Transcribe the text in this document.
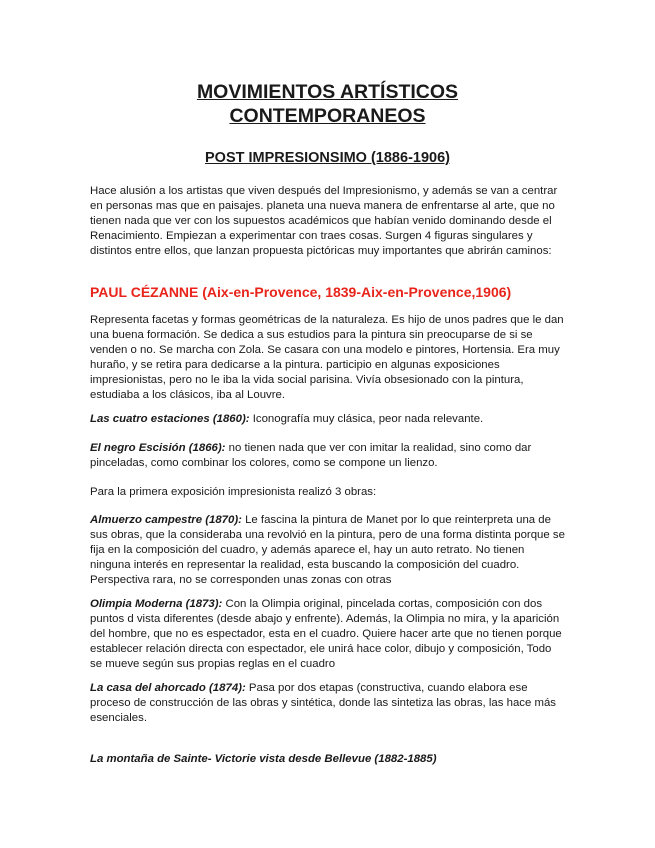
MOVIMIENTOS ARTÍSTICOS
CONTEMPORANEOS
POST IMPRESIONSIMO (1886-1906)

Hace alusión a los artistas que viven después del Impresionismo, y además se van a centrar en personas mas que en paisajes. planeta una nueva manera de enfrentarse al arte, que no tienen nada que ver con los supuestos académicos que habían venido dominando desde el Renacimiento. Empiezan a experimentar con traes cosas. Surgen 4 figuras singulares y distintos entre ellos, que lanzan propuesta pictóricas muy importantes que abrirán caminos:

PAUL CÉZANNE (Aix-en-Provence, 1839-Aix-en-Provence,1906)

Representa facetas y formas geométricas de la naturaleza. Es hijo de unos padres que le dan una buena formación. Se dedica a sus estudios para la pintura sin preocuparse de si se venden o no. Se marcha con Zola. Se casara con una modelo e pintores, Hortensia. Era muy huraño, y se retira para dedicarse a la pintura. participio en algunas exposiciones impresionistas, pero no le iba la vida social parisina. Vivía obsesionado con la pintura, estudiaba a los clásicos, iba al Louvre.

Las cuatro estaciones (1860): Iconografía muy clásica, peor nada relevante.

El negro Escisión (1866): no tienen nada que ver con imitar la realidad, sino como dar pinceladas, como combinar los colores, como se compone un lienzo.

Para la primera exposición impresionista realizó 3 obras:

Almuerzo campestre (1870): Le fascina la pintura de Manet por lo que reinterpreta una de sus obras, que la consideraba una revolvió en la pintura, pero de una forma distinta porque se fija en la composición del cuadro, y además aparece el, hay un auto retrato. No tienen ninguna interés en representar la realidad, esta buscando la composición del cuadro. Perspectiva rara, no se corresponden unas zonas con otras

Olimpia Moderna (1873): Con la Olimpia original, pincelada cortas, composición con dos puntos d vista diferentes (desde abajo y enfrente). Además, la Olimpia no mira, y la aparición del hombre, que no es espectador, esta en el cuadro. Quiere hacer arte que no tienen porque establecer relación directa con espectador, ele unirá hace color, dibujo y composición, Todo se mueve según sus propias reglas en el cuadro

La casa del ahorcado (1874): Pasa por dos etapas (constructiva, cuando elabora ese proceso de construcción de las obras y sintética, donde las sintetiza las obras, las hace más esenciales.

La montaña de Sainte- Victorie vista desde Bellevue (1882-1885)
